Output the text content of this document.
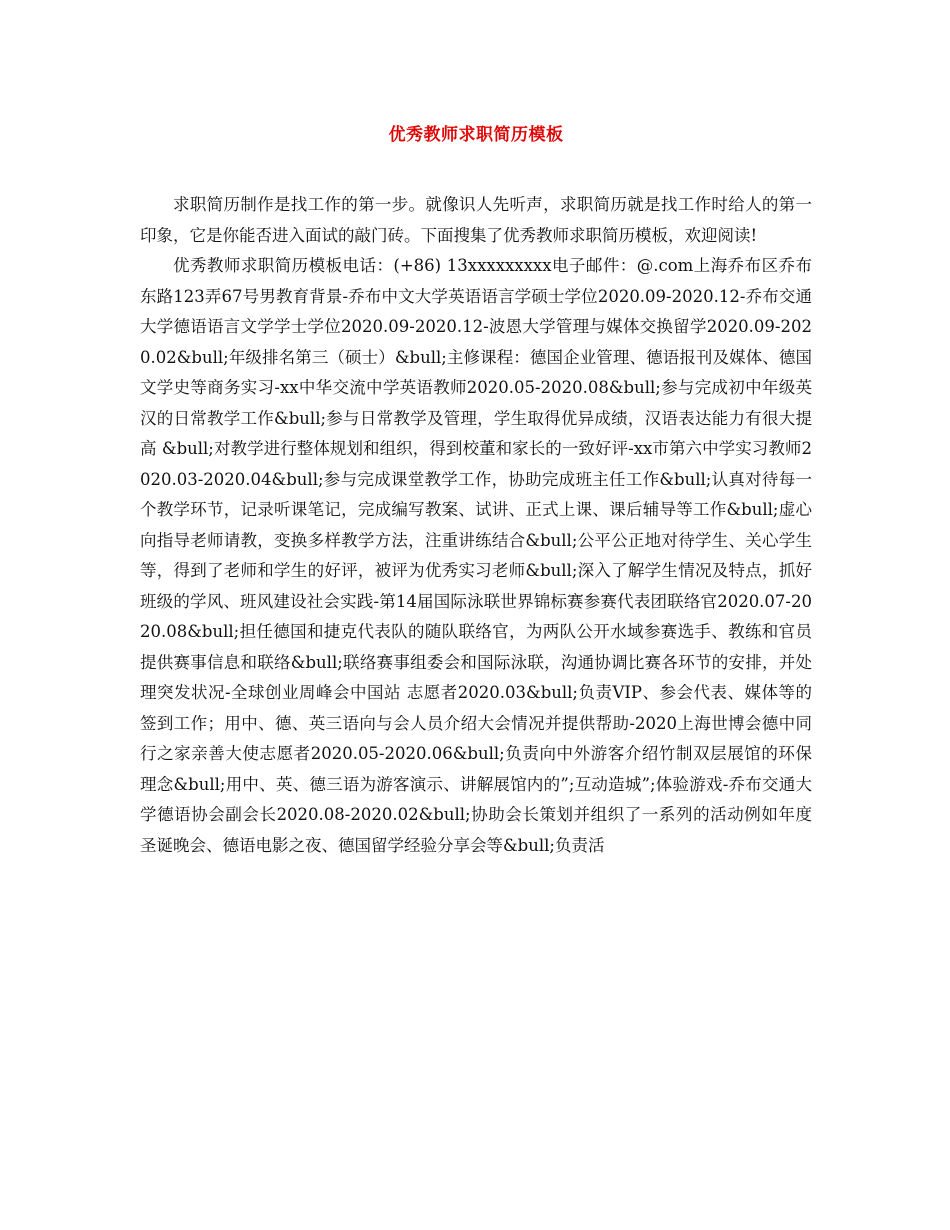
优秀教师求职简历模板

求职简历制作是找工作的第一步。就像识人先听声，求职简历就是找工作时给人的第一印象，它是你能否进入面试的敲门砖。下面搜集了优秀教师求职简历模板，欢迎阅读!

优秀教师求职简历模板电话：(+86) 13xxxxxxxxx电子邮件：@.com上海乔布区乔布东路123弄67号男教育背景-乔布中文大学英语语言学硕士学位2020.09-2020.12-乔布交通大学德语语言文学学士学位2020.09-2020.12-波恩大学管理与媒体交换留学2020.09-2020.02&bull;年级排名第三（硕士）&bull;主修课程：德国企业管理、德语报刊及媒体、德国文学史等商务实习-xx中华交流中学英语教师2020.05-2020.08&bull;参与完成初中年级英汉的日常教学工作&bull;参与日常教学及管理，学生取得优异成绩，汉语表达能力有很大提高 &bull;对教学进行整体规划和组织，得到校董和家长的一致好评-xx市第六中学实习教师2020.03-2020.04&bull;参与完成课堂教学工作，协助完成班主任工作&bull;认真对待每一个教学环节，记录听课笔记，完成编写教案、试讲、正式上课、课后辅导等工作&bull;虚心向指导老师请教，变换多样教学方法，注重讲练结合&bull;公平公正地对待学生、关心学生等，得到了老师和学生的好评，被评为优秀实习老师&bull;深入了解学生情况及特点，抓好班级的学风、班风建设社会实践-第14届国际泳联世界锦标赛参赛代表团联络官2020.07-2020.08&bull;担任德国和捷克代表队的随队联络官，为两队公开水域参赛选手、教练和官员提供赛事信息和联络&bull;联络赛事组委会和国际泳联，沟通协调比赛各环节的安排，并处理突发状况-全球创业周峰会中国站 志愿者2020.03&bull;负责VIP、参会代表、媒体等的签到工作；用中、德、英三语向与会人员介绍大会情况并提供帮助-2020上海世博会德中同行之家亲善大使志愿者2020.05-2020.06&bull;负责向中外游客介绍竹制双层展馆的环保理念&bull;用中、英、德三语为游客演示、讲解展馆内的”;互动造城”;体验游戏-乔布交通大学德语协会副会长2020.08-2020.02&bull;协助会长策划并组织了一系列的活动例如年度圣诞晚会、德语电影之夜、德国留学经验分享会等&bull;负责活
